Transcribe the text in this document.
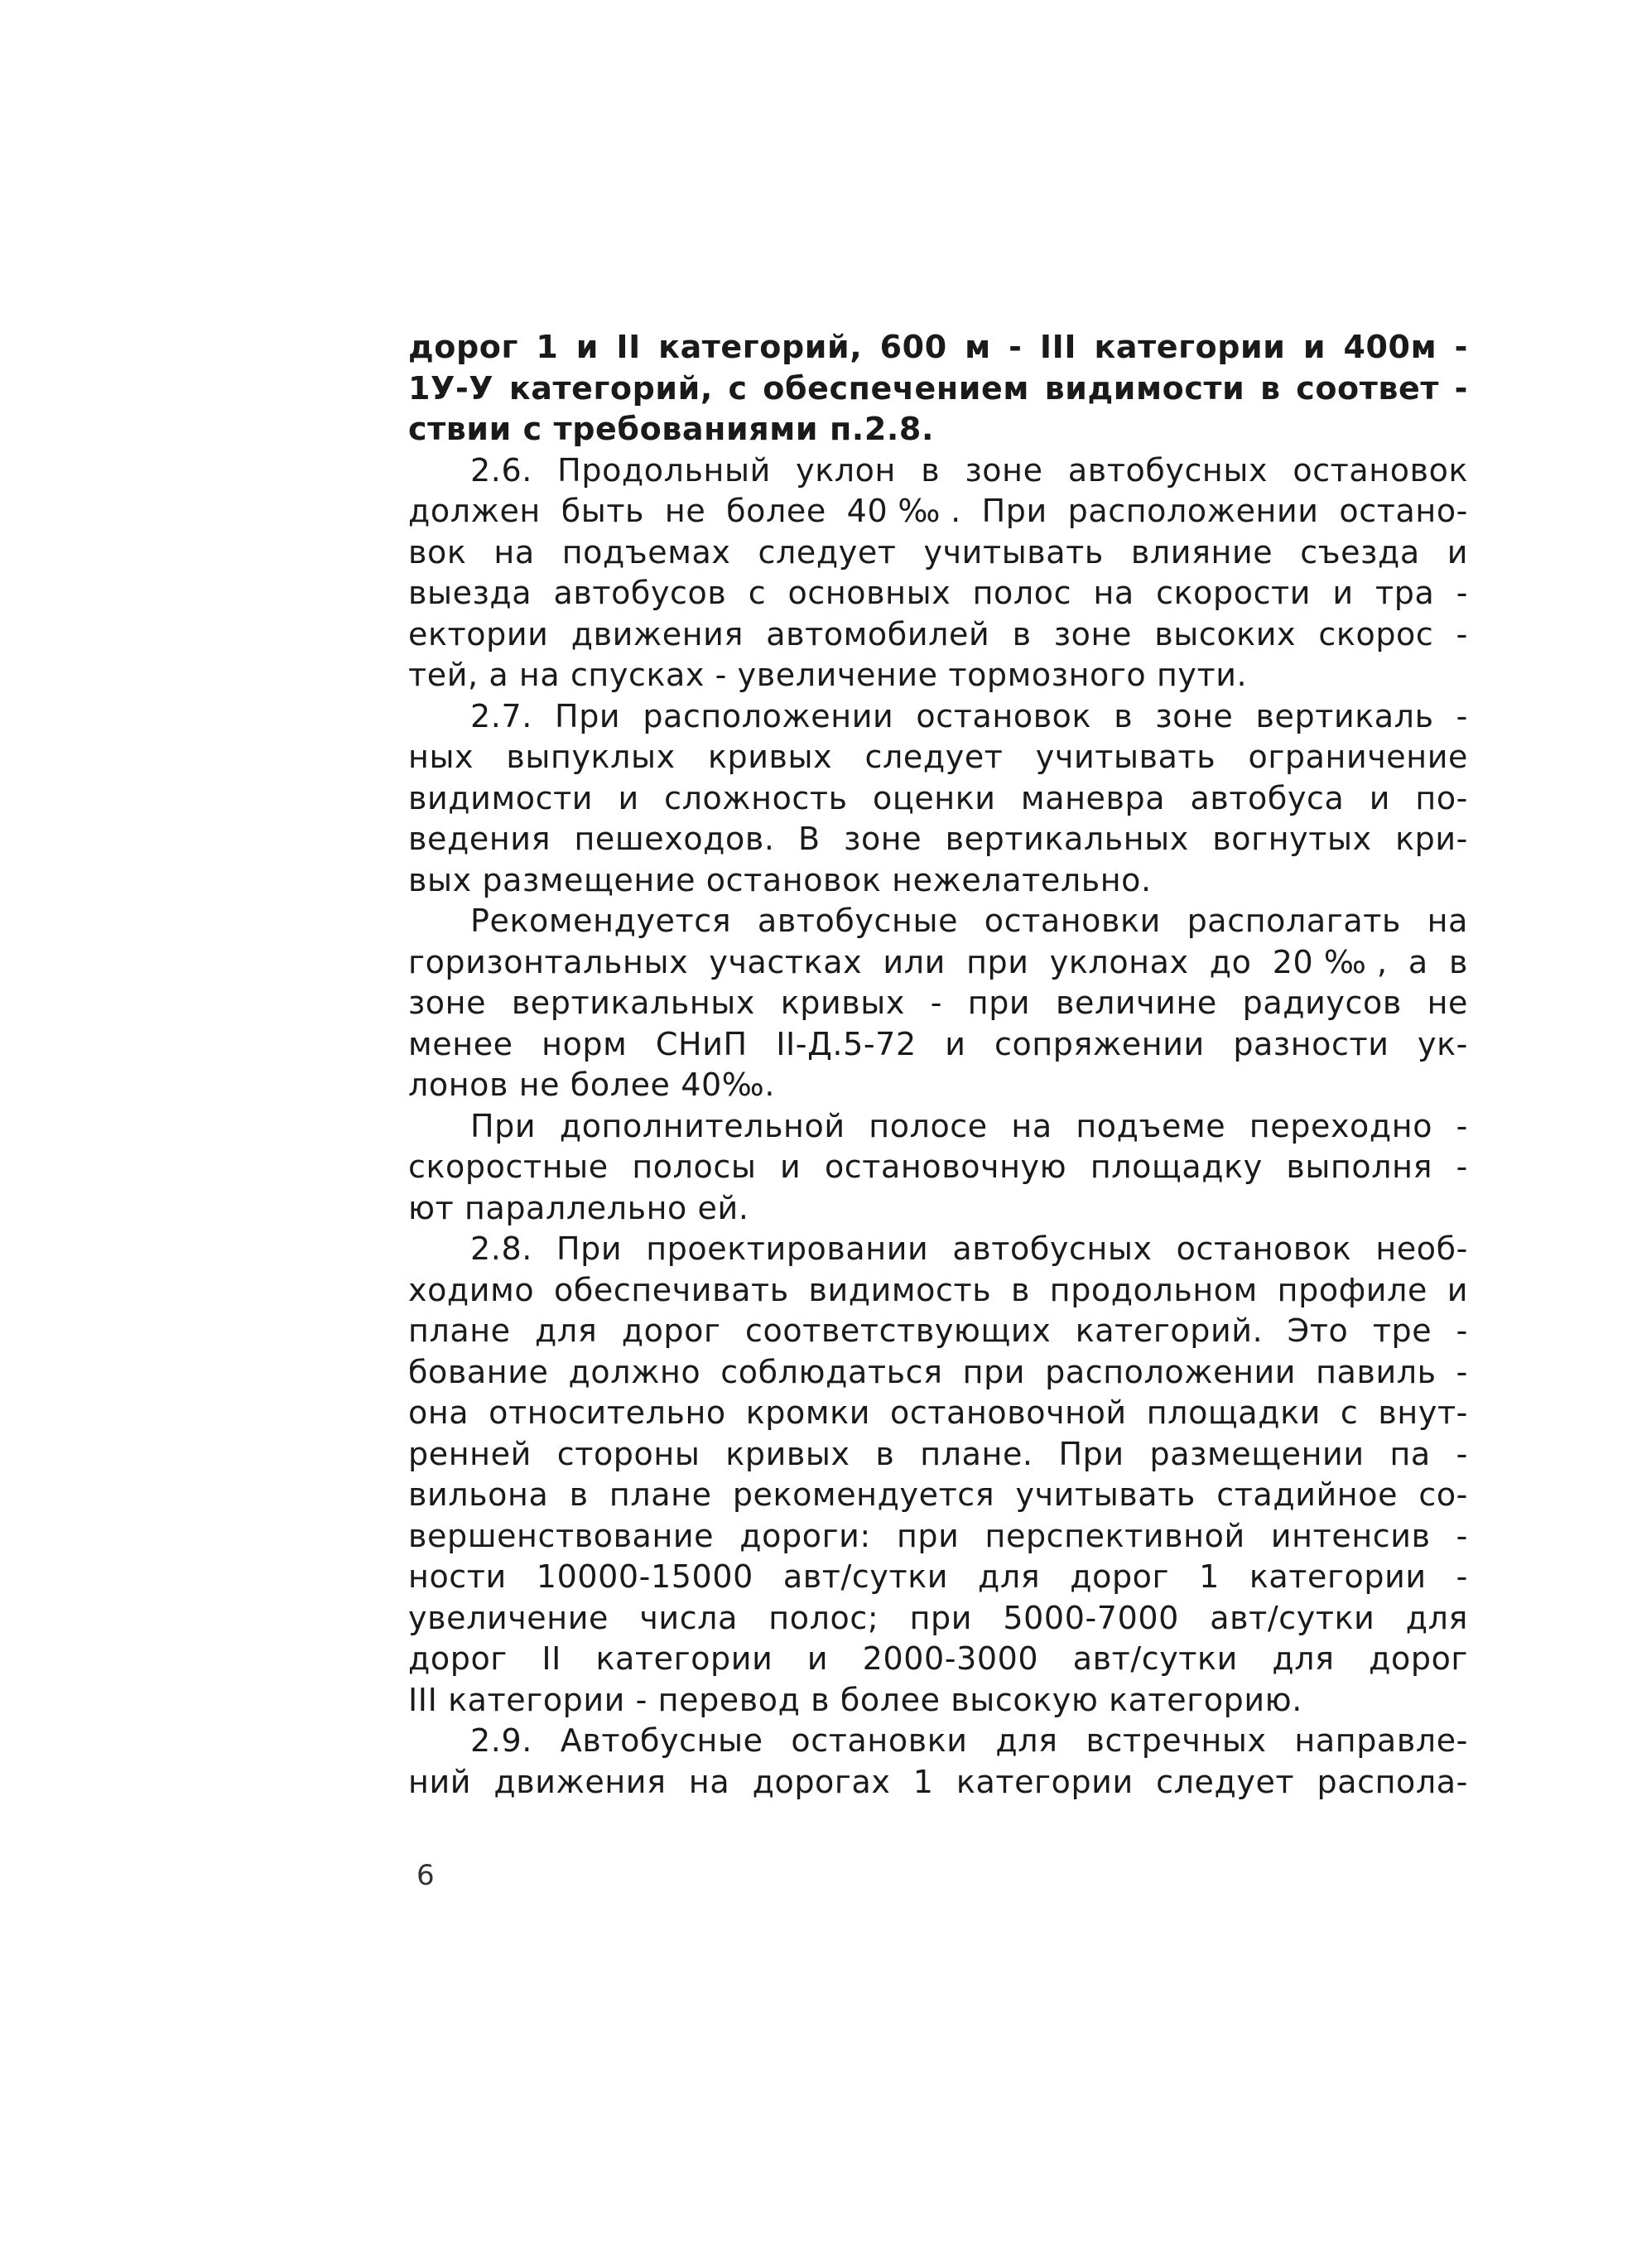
дорог 1 и II категорий, 600 м - III категории и 400м -
1У-У категорий, с обеспечением видимости в соответ -
ствии с требованиями п.2.8.
2.6. Продольный уклон в зоне автобусных остановок
должен быть не более 40‰. При расположении остано-
вок на подъемах следует учитывать влияние съезда и
выезда автобусов с основных полос на скорости и тра -
ектории движения автомобилей в зоне высоких скорос -
тей, а на спусках - увеличение тормозного пути.
2.7. При расположении остановок в зоне вертикаль -
ных выпуклых кривых следует учитывать ограничение
видимости и сложность оценки маневра автобуса и по-
ведения пешеходов. В зоне вертикальных вогнутых кри-
вых размещение остановок нежелательно.
Рекомендуется автобусные остановки располагать на
горизонтальных участках или при уклонах до 20‰, а в
зоне вертикальных кривых - при величине радиусов не
менее норм СНиП II-Д.5-72 и сопряжении разности ук-
лонов не более 40‰.
При дополнительной полосе на подъеме переходно -
скоростные полосы и остановочную площадку выполня -
ют параллельно ей.
2.8. При проектировании автобусных остановок необ-
ходимо обеспечивать видимость в продольном профиле и
плане для дорог соответствующих категорий. Это тре -
бование должно соблюдаться при расположении павиль -
она относительно кромки остановочной площадки с внут-
ренней стороны кривых в плане. При размещении па -
вильона в плане рекомендуется учитывать стадийное со-
вершенствование дороги: при перспективной интенсив -
ности 10000-15000 авт/сутки для дорог 1 категории -
увеличение числа полос; при 5000-7000 авт/сутки для
дорог II категории и 2000-3000 авт/сутки для дорог
III категории - перевод в более высокую категорию.
2.9. Автобусные остановки для встречных направле-
ний движения на дорогах 1 категории следует распола-
6
